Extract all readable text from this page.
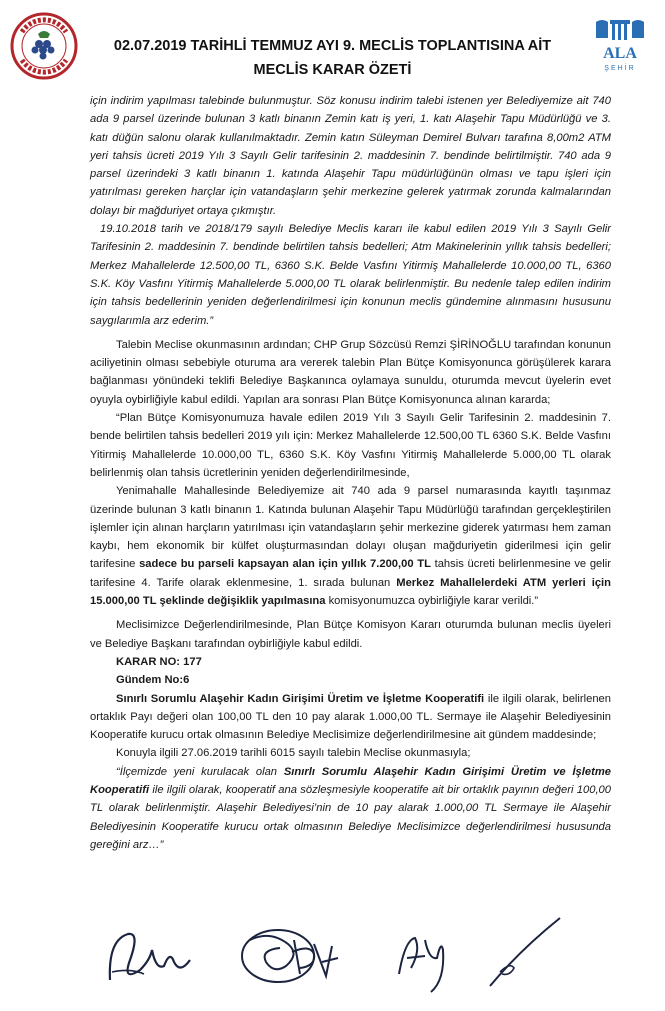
ALA
ŞEHİR
02.07.2019 TARİHLİ TEMMUZ AYI 9. MECLİS TOPLANTISINA AİT
MECLİS KARAR ÖZETİ

için indirim yapılması talebinde bulunmuştur. Söz konusu indirim talebi istenen yer Belediyemize ait 740 ada 9 parsel üzerinde bulunan 3 katlı binanın Zemin katı iş yeri, 1. katı Alaşehir Tapu Müdürlüğü ve 3. katı düğün salonu olarak kullanılmaktadır. Zemin katın Süleyman Demirel Bulvarı tarafına 8,00m2 ATM yeri tahsis ücreti 2019 Yılı 3 Sayılı Gelir tarifesinin 2. maddesinin 7. bendinde belirtilmiştir. 740 ada 9 parsel üzerindeki 3 katlı binanın 1. katında Alaşehir Tapu müdürlüğünün olması ve tapu işleri için yatırılması gereken harçlar için vatandaşların şehir merkezine gelerek yatırmak zorunda kalmalarından dolayı bir mağduriyet ortaya çıkmıştır.

19.10.2018 tarih ve 2018/179 sayılı Belediye Meclis kararı ile kabul edilen 2019 Yılı 3 Sayılı Gelir Tarifesinin 2. maddesinin 7. bendinde belirtilen tahsis bedelleri; Atm Makinelerinin yıllık tahsis bedelleri; Merkez Mahallelerde 12.500,00 TL, 6360 S.K. Belde Vasfını Yitirmiş Mahallelerde 10.000,00 TL, 6360 S.K. Köy Vasfını Yitirmiş Mahallelerde 5.000,00 TL olarak belirlenmiştir. Bu nedenle talep edilen indirim için tahsis bedellerinin yeniden değerlendirilmesi için konunun meclis gündemine alınmasını hususunu saygılarımla arz ederim.”

Talebin Meclise okunmasının ardından; CHP Grup Sözcüsü Remzi ŞİRİNOĞLU tarafından konunun aciliyetinin olması sebebiyle oturuma ara vererek talebin Plan Bütçe Komisyonunca görüşülerek karara bağlanması yönündeki teklifi Belediye Başkanınca oylamaya sunuldu, oturumda mevcut üyelerin evet oyuyla oybirliğiyle kabul edildi. Yapılan ara sonrası Plan Bütçe Komisyonunca alınan kararda;

“Plan Bütçe Komisyonumuza havale edilen 2019 Yılı 3 Sayılı Gelir Tarifesinin 2. maddesinin 7. bende belirtilen tahsis bedelleri 2019 yılı için: Merkez Mahallelerde 12.500,00 TL 6360 S.K. Belde Vasfını Yitirmiş Mahallelerde 10.000,00 TL, 6360 S.K. Köy Vasfını Yitirmiş Mahallelerde 5.000,00 TL olarak belirlenmiş olan tahsis ücretlerinin yeniden değerlendirilmesinde,

Yenimahalle Mahallesinde Belediyemize ait 740 ada 9 parsel numarasında kayıtlı taşınmaz üzerinde bulunan 3 katlı binanın 1. Katında bulunan Alaşehir Tapu Müdürlüğü tarafından gerçekleştirilen işlemler için alınan harçların yatırılması için vatandaşların şehir merkezine giderek yatırması hem zaman kaybı, hem ekonomik bir külfet oluşturmasından dolayı oluşan mağduriyetin giderilmesi için gelir tarifesine sadece bu parseli kapsayan alan için yıllık 7.200,00 TL tahsis ücreti belirlenmesine ve gelir tarifesine 4. Tarife olarak eklenmesine, 1. sırada bulunan Merkez Mahallelerdeki ATM yerleri için 15.000,00 TL şeklinde değişiklik yapılmasına komisyonumuzca oybirliğiyle karar verildi.”

Meclisimizce Değerlendirilmesinde, Plan Bütçe Komisyon Kararı oturumda bulunan meclis üyeleri ve Belediye Başkanı tarafından oybirliğiyle kabul edildi.

KARAR NO: 177

Gündem No:6

Sınırlı Sorumlu Alaşehir Kadın Girişimi Üretim ve İşletme Kooperatifi ile ilgili olarak, belirlenen ortaklık Payı değeri olan 100,00 TL den 10 pay alarak 1.000,00 TL. Sermaye ile Alaşehir Belediyesinin Kooperatife kurucu ortak olmasının Belediye Meclisimize değerlendirilmesine ait gündem maddesinde;

Konuyla ilgili 27.06.2019 tarihli 6015 sayılı talebin Meclise okunmasıyla;

“İlçemizde yeni kurulacak olan Sınırlı Sorumlu Alaşehir Kadın Girişimi Üretim ve İşletme Kooperatifi ile ilgili olarak, kooperatif ana sözleşmesiyle kooperatife ait bir ortaklık payının değeri 100,00 TL olarak belirlenmiştir. Alaşehir Belediyesi’nin de 10 pay alarak 1.000,00 TL Sermaye ile Alaşehir Belediyesinin Kooperatife kurucu ortak olmasının Belediye Meclisimizce değerlendirilmesi hususunda gereğini arz…”
